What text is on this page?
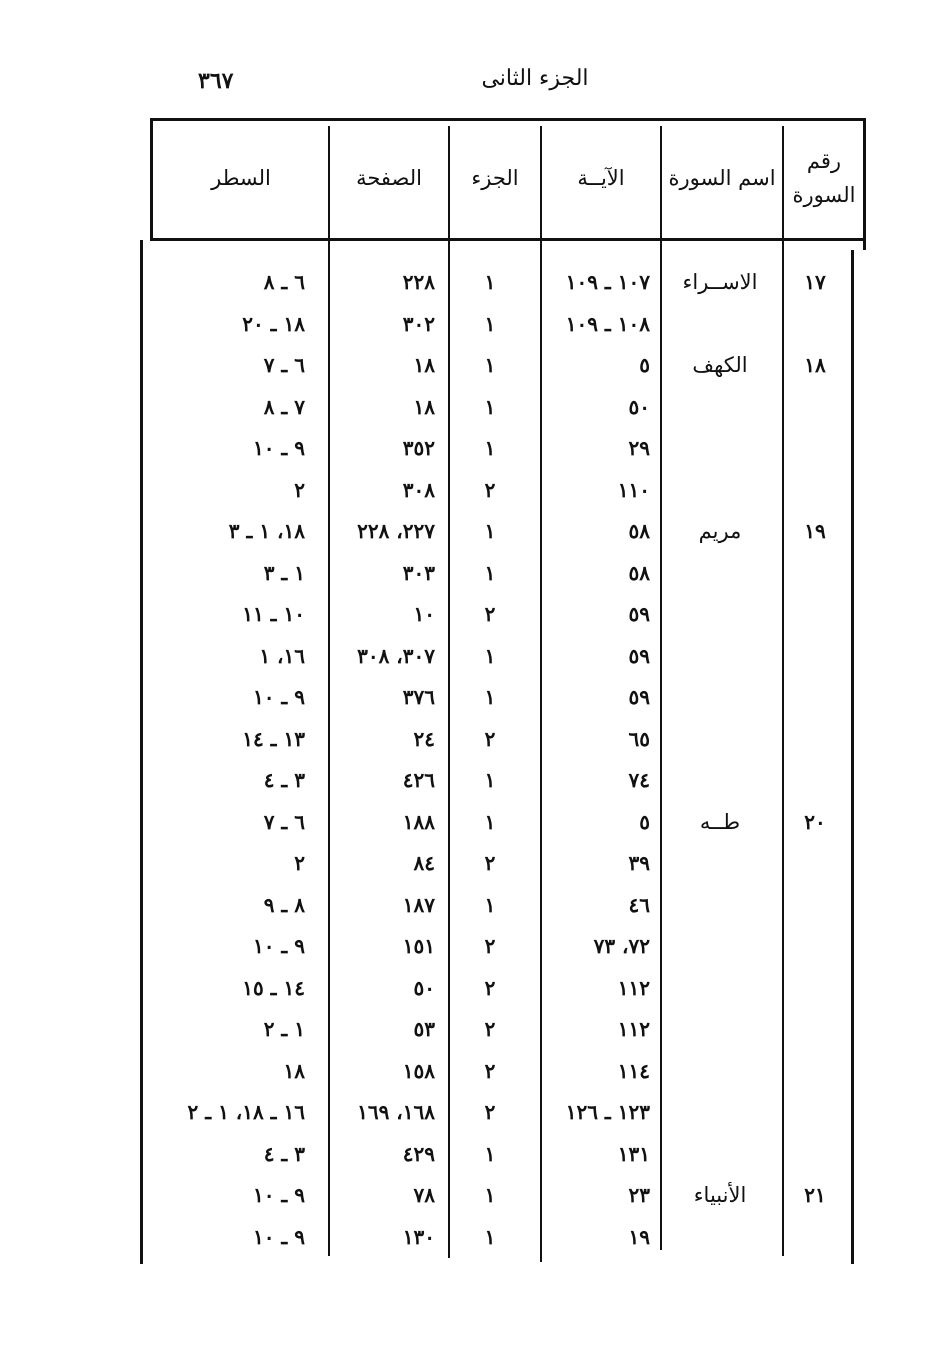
٣٦٧	الجزء الثانى
رقم السورة
اسم السورة
الآيــة
الجزء
الصفحة
السطر
١٧
الاســراء
١٠٧ ـ ١٠٩
١
٢٢٨
٦ ـ ٨
١٠٨ ـ ١٠٩
١
٣٠٢
١٨ ـ ٢٠
١٨
الكهف
٥
١
١٨
٦ ـ ٧
٥٠
١
١٨
٧ ـ ٨
٢٩
١
٣٥٢
٩ ـ ١٠
١١٠
٢
٣٠٨
٢
١٩
مريم
٥٨
١
٢٢٧، ٢٢٨
١٨، ١ ـ ٣
٥٨
١
٣٠٣
١ ـ ٣
٥٩
٢
١٠
١٠ ـ ١١
٥٩
١
٣٠٧، ٣٠٨
١٦، ١
٥٩
١
٣٧٦
٩ ـ ١٠
٦٥
٢
٢٤
١٣ ـ ١٤
٧٤
١
٤٢٦
٣ ـ ٤
٢٠
طــه
٥
١
١٨٨
٦ ـ ٧
٣٩
٢
٨٤
٢
٤٦
١
١٨٧
٨ ـ ٩
٧٢، ٧٣
٢
١٥١
٩ ـ ١٠
١١٢
٢
٥٠
١٤ ـ ١٥
١١٢
٢
٥٣
١ ـ ٢
١١٤
٢
١٥٨
١٨
١٢٣ ـ ١٢٦
٢
١٦٨، ١٦٩
١٦ ـ ١٨، ١ ـ ٢
١٣١
١
٤٢٩
٣ ـ ٤
٢١
الأنبياء
٢٣
١
٧٨
٩ ـ ١٠
١٩
١
١٣٠
٩ ـ ١٠
